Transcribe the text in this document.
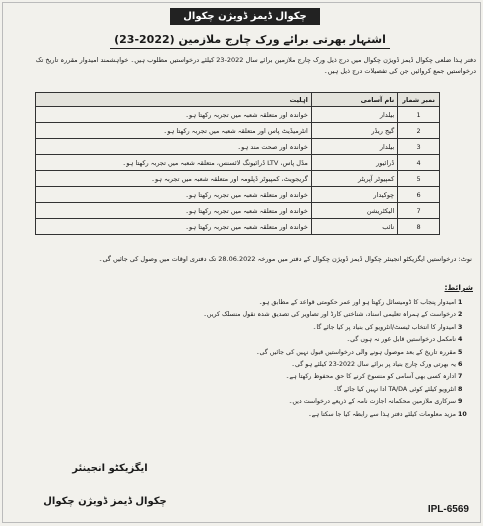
چکوال ڈیمز ڈویژن چکوال
اشتہار بھرتی برائے ورک چارج ملازمین (2022-23)
دفتر ہذا ضلعی چکوال ڈیمز ڈویژن چکوال میں درج ذیل ورک چارج ملازمین برائے سال 2022-23 کیلئے درخواستیں مطلوب ہیں۔ خواہشمند امیدوار مقررہ تاریخ تک درخواستیں جمع کروائیں جن کی تفصیلات درج ذیل ہیں۔
نمبر شمار	نام آسامی	اہلیت
1	بیلدار	خواندہ اور متعلقہ شعبہ میں تجربہ رکھتا ہو۔
2	گیج ریڈر	انٹرمیڈیٹ پاس اور متعلقہ شعبہ میں تجربہ رکھتا ہو۔
3	بیلدار	خواندہ اور صحت مند ہو۔
4	ڈرائیور	مڈل پاس، LTV ڈرائیونگ لائسنس، متعلقہ شعبہ میں تجربہ رکھتا ہو۔
5	کمپیوٹر آپریٹر	گریجویٹ، کمپیوٹر ڈپلومہ اور متعلقہ شعبہ میں تجربہ ہو۔
6	چوکیدار	خواندہ اور متعلقہ شعبہ میں تجربہ رکھتا ہو۔
7	الیکٹریشن	خواندہ اور متعلقہ شعبہ میں تجربہ رکھتا ہو۔
8	نائب	خواندہ اور متعلقہ شعبہ میں تجربہ رکھتا ہو۔
نوٹ: درخواستیں ایگزیکٹو انجینئر چکوال ڈیمز ڈویژن چکوال کے دفتر میں مورخہ 28.06.2022 تک دفتری اوقات میں وصول کی جائیں گی۔
شرائط:
1 امیدوار پنجاب کا ڈومیسائل رکھتا ہو اور عمر حکومتی قواعد کے مطابق ہو۔
2 درخواست کے ہمراہ تعلیمی اسناد، شناختی کارڈ اور تصاویر کی تصدیق شدہ نقول منسلک کریں۔
3 امیدوار کا انتخاب ٹیسٹ/انٹرویو کی بنیاد پر کیا جائے گا۔
4 نامکمل درخواستیں قابل غور نہ ہوں گی۔
5 مقررہ تاریخ کے بعد موصول ہونے والی درخواستیں قبول نہیں کی جائیں گی۔
6 یہ بھرتی ورک چارج بنیاد پر برائے سال 2022-23 کیلئے ہو گی۔
7 ادارہ کسی بھی آسامی کو منسوخ کرنے کا حق محفوظ رکھتا ہے۔
8 انٹرویو کیلئے کوئی TA/DA ادا نہیں کیا جائے گا۔
9 سرکاری ملازمین محکمانہ اجازت نامہ کے ذریعے درخواست دیں۔
10 مزید معلومات کیلئے دفتر ہذا سے رابطہ کیا جا سکتا ہے۔
ایگزیکٹو انجینئر
چکوال ڈیمز ڈویژن چکوال
IPL-6569
